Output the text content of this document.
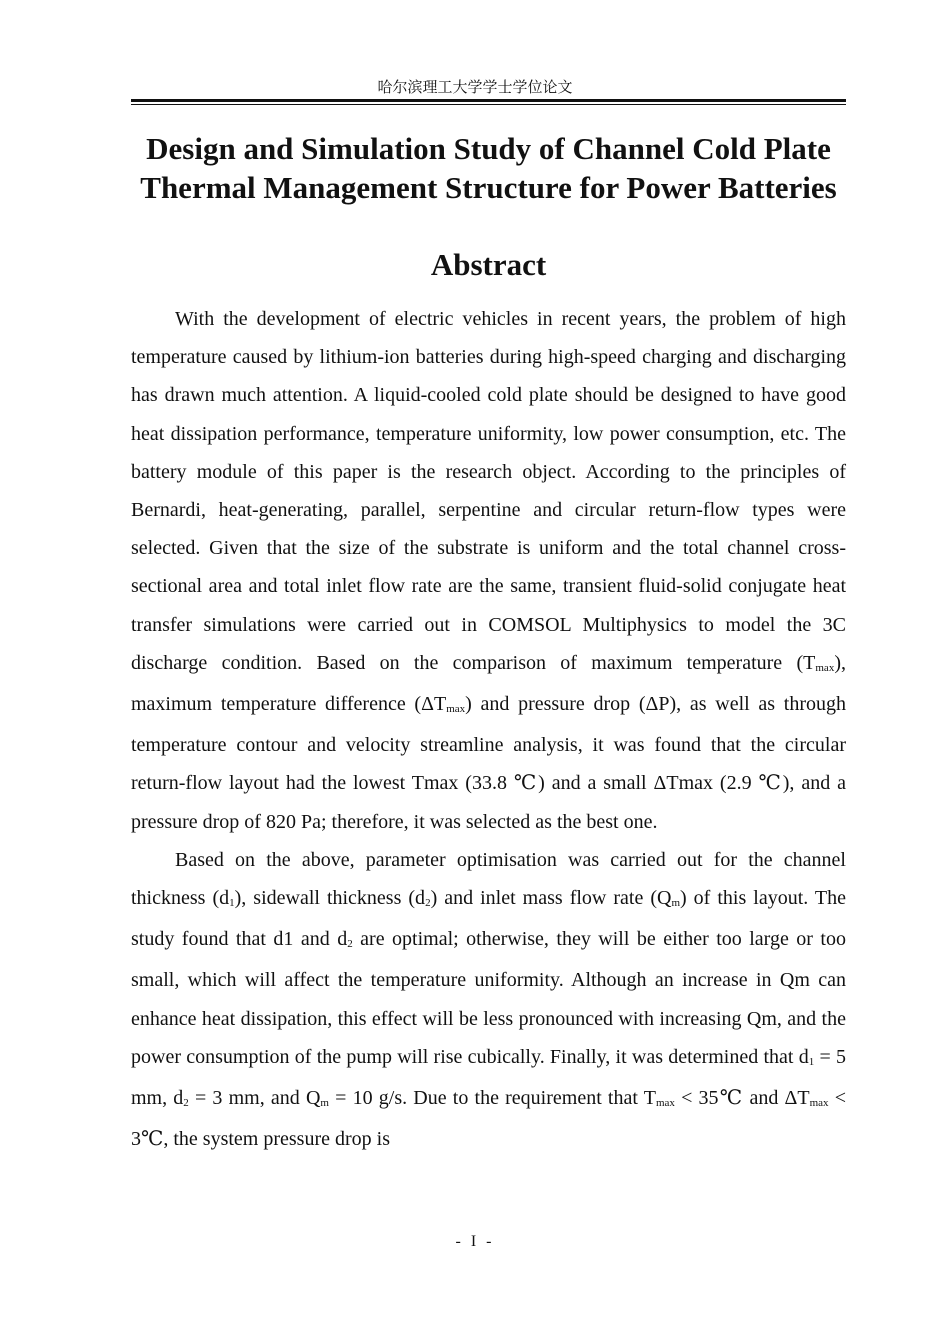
哈尔滨理工大学学士学位论文
Design and Simulation Study of Channel Cold Plate Thermal Management Structure for Power Batteries
Abstract

With the development of electric vehicles in recent years, the problem of high temperature caused by lithium-ion batteries during high-speed charging and discharging has drawn much attention. A liquid-cooled cold plate should be designed to have good heat dissipation performance, temperature uniformity, low power consumption, etc. The battery module of this paper is the research object. According to the principles of Bernardi, heat-generating, parallel, serpentine and circular return-flow types were selected. Given that the size of the substrate is uniform and the total channel cross-sectional area and total inlet flow rate are the same, transient fluid-solid conjugate heat transfer simulations were carried out in COMSOL Multiphysics to model the 3C discharge condition. Based on the comparison of maximum temperature $(T_{max})$, maximum temperature difference $(\Delta T_{max})$ and pressure drop (ΔP), as well as through temperature contour and velocity streamline analysis, it was found that the circular return-flow layout had the lowest Tmax (33.8 ℃) and a small ΔTmax (2.9 ℃), and a pressure drop of 820 Pa; therefore, it was selected as the best one.

Based on the above, parameter optimisation was carried out for the channel thickness $(d_1)$, sidewall thickness $(d_2)$ and inlet mass flow rate $(Q_m)$ of this layout. The study found that d1 and $d_2$ are optimal; otherwise, they will be either too large or too small, which will affect the temperature uniformity. Although an increase in Qm can enhance heat dissipation, this effect will be less pronounced with increasing Qm, and the power consumption of the pump will rise cubically. Finally, it was determined that $d_1 = 5$ mm, $d_2 = 3$ mm, and $Q_m = 10$ g/s. Due to the requirement that $T_{max}$ < 35℃ and $\Delta T_{max}$ < 3℃, the system pressure drop is

- I -
